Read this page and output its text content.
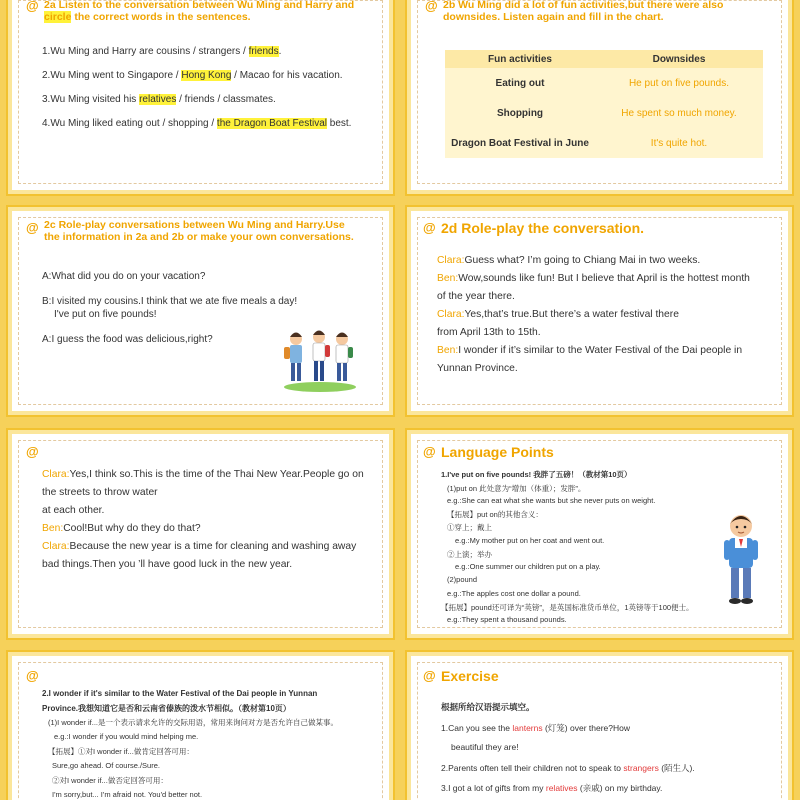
@ 2a Listen to the conversation between Wu Ming and Harry and
circle the correct words in the sentences.
1.Wu Ming and Harry are cousins / strangers / friends.
2.Wu Ming went to Singapore / Hong Kong / Macao for his vacation.
3.Wu Ming visited his relatives / friends / classmates.
4.Wu Ming liked eating out / shopping / the Dragon Boat Festival best.
@ 2b Wu Ming did a lot of fun activities,but there were also
downsides. Listen again and fill in the chart.
Fun activities	Downsides
Eating out	He put on five pounds.
Shopping	He spent so much money.
Dragon Boat Festival in June	It's quite hot.
@ 2c Role-play conversations between Wu Ming and Harry.Use
the information in 2a and 2b or make your own conversations.
A:What did you do on your vacation?
B:I visited my cousins.I think that we ate five meals a day!
I've put on five pounds!
A:I guess the food was delicious,right?
@ 2d Role-play the conversation.
Clara:Guess what? I’m going to Chiang Mai in two weeks.
Ben:Wow,sounds like fun! But I believe that April is the hottest month
of the year there.
Clara:Yes,that’s true.But there’s a water festival there
from April 13th to 15th.
Ben:I wonder if it’s similar to the Water Festival of the Dai people in
Yunnan Province.
@
Clara:Yes,I think so.This is the time of the Thai New Year.People go on
the streets to throw water
at each other.
Ben:Cool!But why do they do that?
Clara:Because the new year is a time for cleaning and washing away
bad things.Then you ’ll have good luck in the new year.
@ Language Points
1.I've put on five pounds! 我胖了五磅！（教材第10页）
(1)put on 此处意为“增加（体重）；发胖”。
e.g.:She can eat what she wants but she never puts on weight.
【拓展】put on的其他含义：
①穿上；戴上
e.g.:My mother put on her coat and went out.
②上演；举办
e.g.:One summer our children put on a play.
(2)pound
e.g.:The apples cost one dollar a pound.
【拓展】pound还可译为“英镑”，是英国标准货币单位，1英镑等于100便士。
e.g.:They spent a thousand pounds.
@
2.I wonder if it's similar to the Water Festival of the Dai people in Yunnan
Province.我想知道它是否和云南省傣族的泼水节相似。（教材第10页）
(1)I wonder if...是一个表示请求允许的交际用语，常用来询问对方是否允许自己做某事。
e.g.:I wonder if you would mind helping me.
【拓展】①对I wonder if...做肯定回答可用：
Sure,go ahead. Of course./Sure.
②对I wonder if...做否定回答可用：
I'm sorry,but... I'm afraid not. You'd better not.
@ Exercise
根据所给汉语提示填空。
1.Can you see the lanterns (灯笼) over there?How
beautiful they are!
2.Parents often tell their children not to speak to strangers (陌生人).
3.I got a lot of gifts from my relatives (亲戚) on my birthday.
